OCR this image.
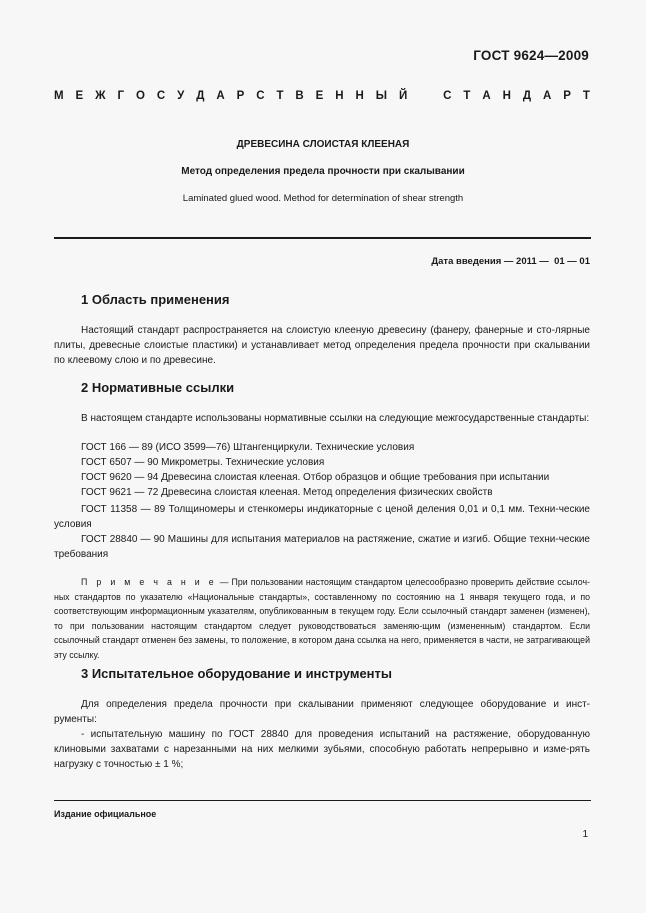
ГОСТ 9624—2009
М Е Ж Г О С У Д А Р С Т В Е Н Н Ы Й	С Т А Н Д А Р Т
ДРЕВЕСИНА СЛОИСТАЯ КЛЕЕНАЯ
Метод определения предела прочности при скалывании
Laminated glued wood. Method for determination of shear strength
Дата введения — 2011 —  01 — 01
1 Область применения

Настоящий стандарт распространяется на слоистую клееную древесину (фанеру, фанерные и сто-лярные плиты, древесные слоистые пластики) и устанавливает метод определения предела прочности при скалывании по клеевому слою и по древесине.

2 Нормативные ссылки

В настоящем стандарте использованы нормативные ссылки на следующие межгосударственные стандарты:

ГОСТ 166 — 89 (ИСО 3599—76) Штангенциркули. Технические условия
ГОСТ 6507 — 90 Микрометры. Технические условия
ГОСТ 9620 — 94 Древесина слоистая клееная. Отбор образцов и общие требования при испытании
ГОСТ 9621 — 72 Древесина слоистая клееная. Метод определения физических свойств

ГОСТ 11358 — 89 Толщиномеры и стенкомеры индикаторные с ценой деления 0,01 и 0,1 мм. Техни-ческие условия

ГОСТ 28840 — 90 Машины для испытания материалов на растяжение, сжатие и изгиб. Общие техни-ческие требования

П р и м е ч а н и е — При пользовании настоящим стандартом целесообразно проверить действие ссылоч-ных стандартов по указателю «Национальные стандарты», составленному по состоянию на 1 января текущего года, и по соответствующим информационным указателям, опубликованным в текущем году. Если ссылочный стандарт заменен (изменен), то при пользовании настоящим стандартом следует руководствоваться заменяю-щим (измененным) стандартом. Если ссылочный стандарт отменен без замены, то положение, в котором дана ссылка на него, применяется в части, не затрагивающей эту ссылку.

3 Испытательное оборудование и инструменты

Для определения предела прочности при скалывании применяют следующее оборудование и инст-рументы:

- испытательную машину по ГОСТ 28840 для проведения испытаний на растяжение, оборудованную клиновыми захватами с нарезанными на них мелкими зубьями, способную работать непрерывно и изме-рять нагрузку с точностью ± 1 %;

Издание официальное
1
